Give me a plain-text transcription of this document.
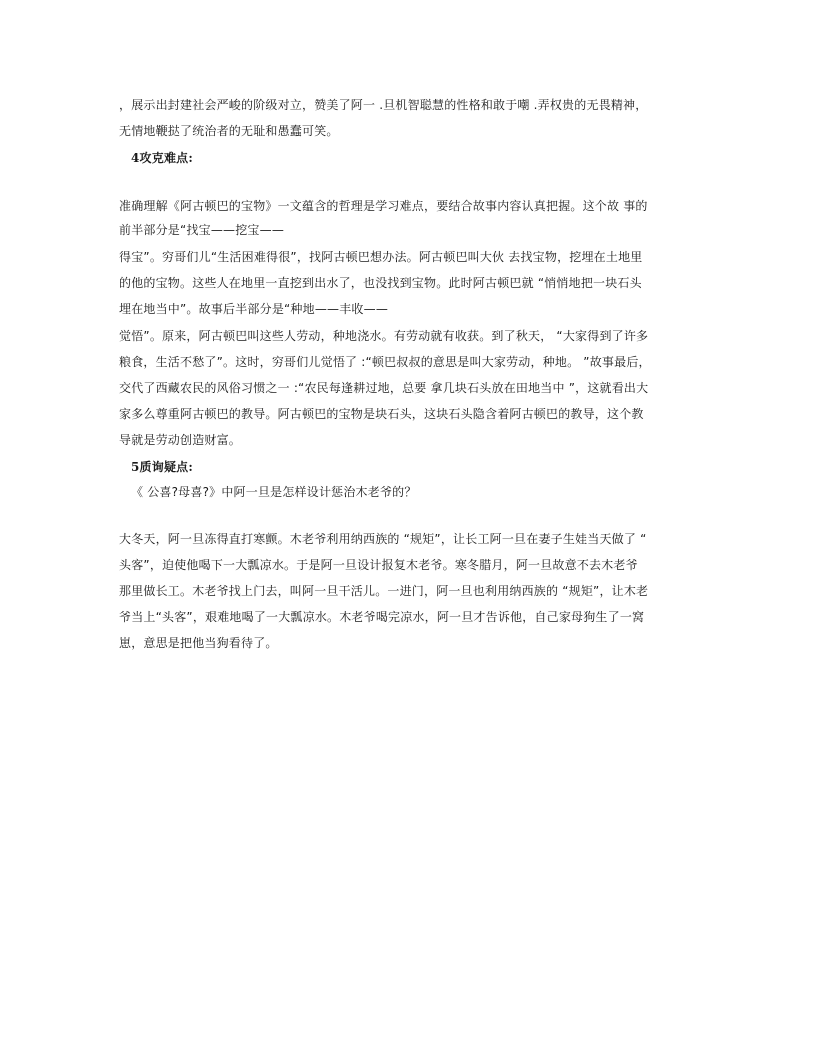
，展示出封建社会严峻的阶级对立，赞美了阿一 .旦机智聪慧的性格和敢于嘲 .弄权贵的无畏精神，
无情地鞭挞了统治者的无耻和愚蠢可笑。
4攻克难点:
准确理解《阿古顿巴的宝物》一文蕴含的哲理是学习难点，要结合故事内容认真把握。这个故 事的
前半部分是“找宝——挖宝——
得宝”。穷哥们儿“生活困难得很”，找阿古顿巴想办法。阿古顿巴叫大伙 去找宝物，挖埋在土地里
的他的宝物。这些人在地里一直挖到出水了，也没找到宝物。此时阿古顿巴就 “悄悄地把一块石头
埋在地当中”。故事后半部分是“种地——丰收——
觉悟”。原来，阿古顿巴叫这些人劳动，种地浇水。有劳动就有收获。到了秋天， “大家得到了许多
粮食，生活不愁了”。这时，穷哥们儿觉悟了 :“顿巴叔叔的意思是叫大家劳动，种地。 ”故事最后，
交代了西藏农民的风俗习惯之一 :“农民每逢耕过地，总要 拿几块石头放在田地当中 ”，这就看出大
家多么尊重阿古顿巴的教导。阿古顿巴的宝物是块石头，这块石头隐含着阿古顿巴的教导，这个教
导就是劳动创造财富。
5质询疑点:
《 公喜?母喜?》中阿一旦是怎样设计惩治木老爷的？
大冬天，阿一旦冻得直打寒颤。木老爷利用纳西族的 “规矩”，让长工阿一旦在妻子生娃当天做了 “
头客”，迫使他喝下一大瓢凉水。于是阿一旦设计报复木老爷。寒冬腊月，阿一旦故意不去木老爷
那里做长工。木老爷找上门去，叫阿一旦干活儿。一进门，阿一旦也利用纳西族的 “规矩”，让木老
爷当上“头客”，艰难地喝了一大瓢凉水。木老爷喝完凉水，阿一旦才告诉他，自己家母狗生了一窝
崽，意思是把他当狗看待了。
